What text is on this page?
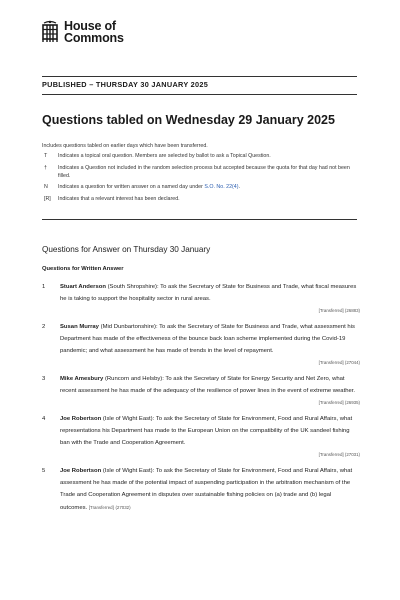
House of
Commons
PUBLISHED – THURSDAY 30 JANUARY 2025
Questions tabled on Wednesday 29 January 2025
Includes questions tabled on earlier days which have been transferred.
T	Indicates a topical oral question. Members are selected by ballot to ask a Topical Question.
†	Indicates a Question not included in the random selection process but accepted because the quota for that day had not been filled.
N	Indicates a question for written answer on a named day under S.O. No. 22(4).
[R]	Indicates that a relevant interest has been declared.
Questions for Answer on Thursday 30 January
Questions for Written Answer
1 Stuart Anderson (South Shropshire): To ask the Secretary of State for Business and Trade, what fiscal measures he is taking to support the hospitality sector in rural areas.
[Transferred] (26883)
2 Susan Murray (Mid Dunbartonshire): To ask the Secretary of State for Business and Trade, what assessment his Department has made of the effectiveness of the bounce back loan scheme implemented during the Covid-19 pandemic; and what assessment he has made of trends in the level of repayment.
[Transferred] (27044)
3 Mike Amesbury (Runcorn and Helsby): To ask the Secretary of State for Energy Security and Net Zero, what recent assessment he has made of the adequacy of the resilience of power lines in the event of extreme weather.
[Transferred] (26935)
4 Joe Robertson (Isle of Wight East): To ask the Secretary of State for Environment, Food and Rural Affairs, what representations his Department has made to the European Union on the compatibility of the UK sandeel fishing ban with the Trade and Cooperation Agreement.
[Transferred] (27031)
5 Joe Robertson (Isle of Wight East): To ask the Secretary of State for Environment, Food and Rural Affairs, what assessment he has made of the potential impact of suspending participation in the arbitration mechanism of the Trade and Cooperation Agreement in disputes over sustainable fishing policies on (a) trade and (b) legal outcomes. [Transferred] (27032)
